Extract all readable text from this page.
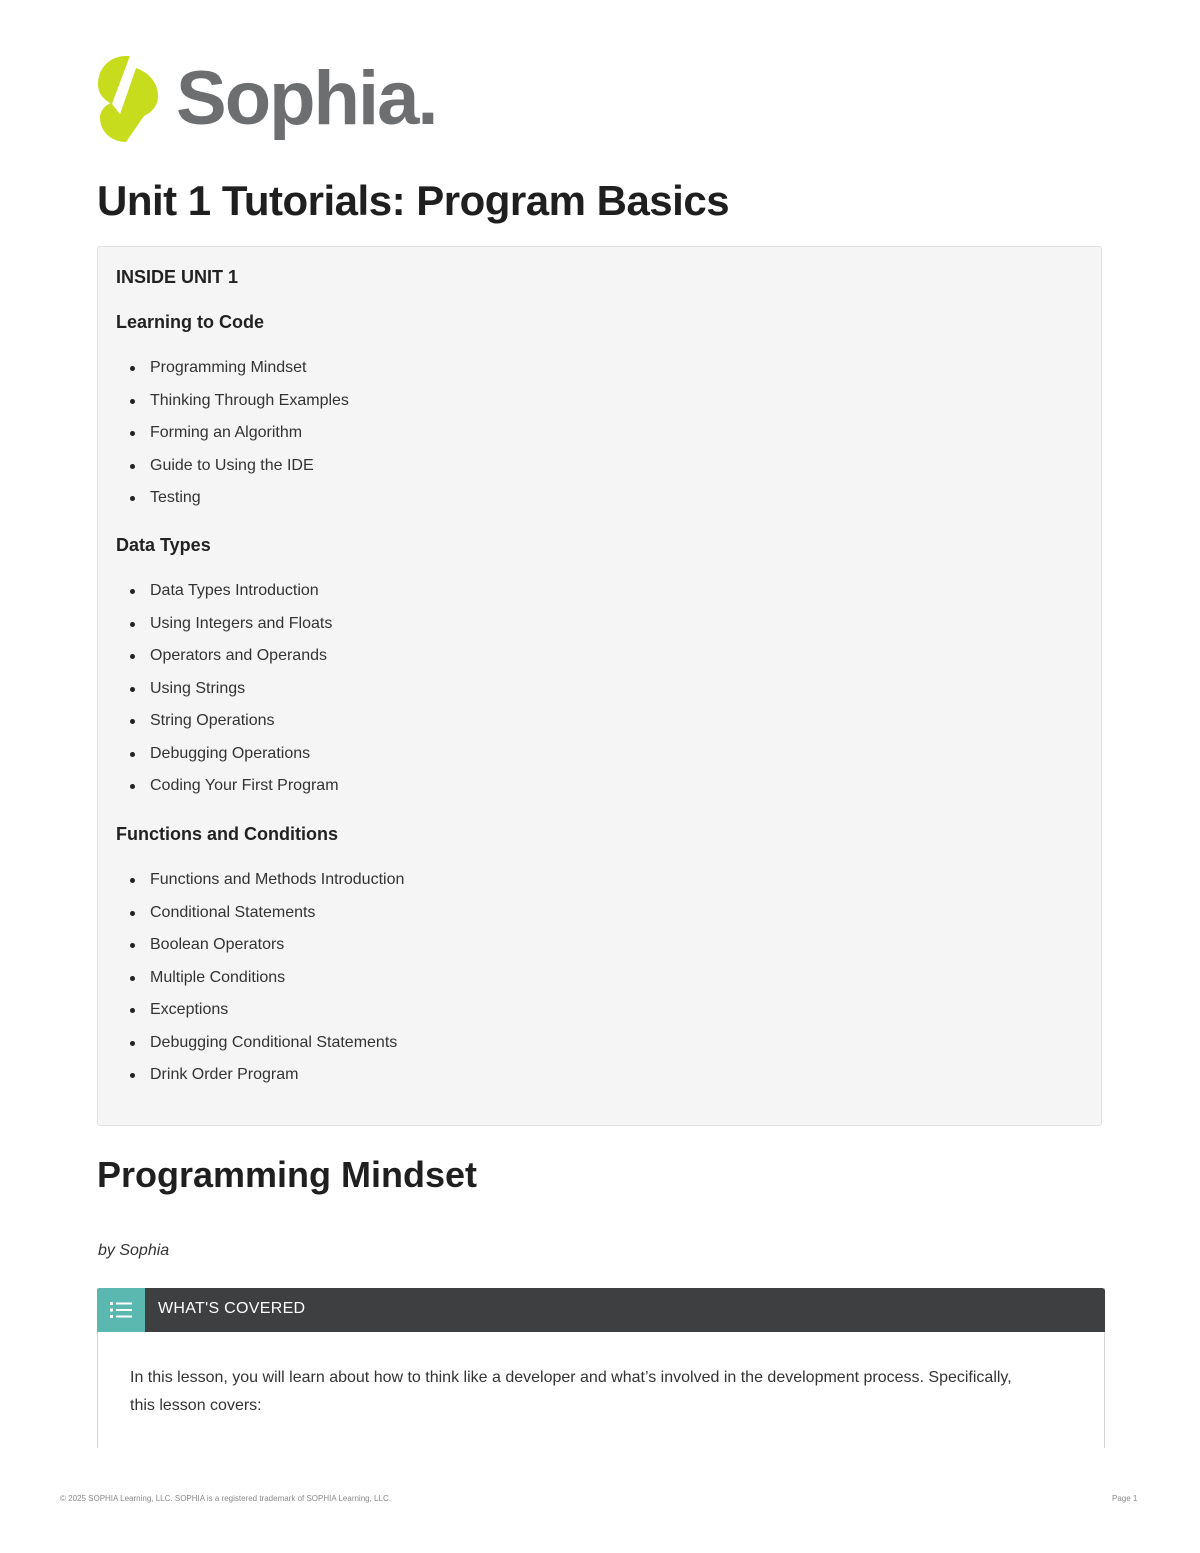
Sophia.
Unit 1 Tutorials: Program Basics
INSIDE UNIT 1
Learning to Code
Programming Mindset
Thinking Through Examples
Forming an Algorithm
Guide to Using the IDE
Testing
Data Types
Data Types Introduction
Using Integers and Floats
Operators and Operands
Using Strings
String Operations
Debugging Operations
Coding Your First Program
Functions and Conditions
Functions and Methods Introduction
Conditional Statements
Boolean Operators
Multiple Conditions
Exceptions
Debugging Conditional Statements
Drink Order Program
Programming Mindset
by Sophia
WHAT'S COVERED
In this lesson, you will learn about how to think like a developer and what’s involved in the development process. Specifically, this lesson covers:
© 2025 SOPHIA Learning, LLC. SOPHIA is a registered trademark of SOPHIA Learning, LLC.	Page 1
